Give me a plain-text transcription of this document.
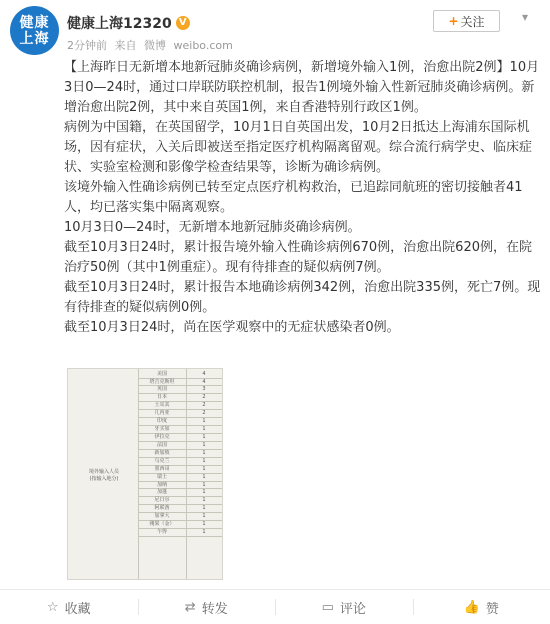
健康
上海
健康上海12320 V
2分钟前 来自 微博 weibo.com
+ 关注	▾

【上海昨日无新增本地新冠肺炎确诊病例，新增境外输入1例，治愈出院2例】10月3日0—24时，通过口岸联防联控机制，报告1例境外输入性新冠肺炎确诊病例。新增治愈出院2例，其中来自英国1例，来自香港特别行政区1例。

病例为中国籍，在英国留学，10月1日自英国出发，10月2日抵达上海浦东国际机场，因有症状，入关后即被送至指定医疗机构隔离留观。综合流行病学史、临床症状、实验室检测和影像学检查结果等，诊断为确诊病例。

该境外输入性确诊病例已转至定点医疗机构救治，已追踪同航班的密切接触者41人，均已落实集中隔离观察。

10月3日0—24时，无新增本地新冠肺炎确诊病例。

截至10月3日24时，累计报告境外输入性确诊病例670例，治愈出院620例，在院治疗50例（其中1例重症）。现有待排查的疑似病例7例。

截至10月3日24时，累计报告本地确诊病例342例，治愈出院335例，死亡7例。现有待排查的疑似病例0例。

截至10月3日24时，尚在医学观察中的无症状感染者0例。

境外输入人员
(按输入地分)
美国	4
塔吉克斯坦	4
英国	3
日本	2
土耳其	2
几内亚	2
印度	1
牙买加	1
伊拉克	1
法国	1
新加坡	1
乌克兰	1
墨西哥	1
瑞士	1
加纳	1
加蓬	1
尼日尔	1
阿联酋	1
加拿大	1
刚果（金）	1
乍得	1
☆ 收藏	⇄ 转发	▭ 评论	👍 赞
